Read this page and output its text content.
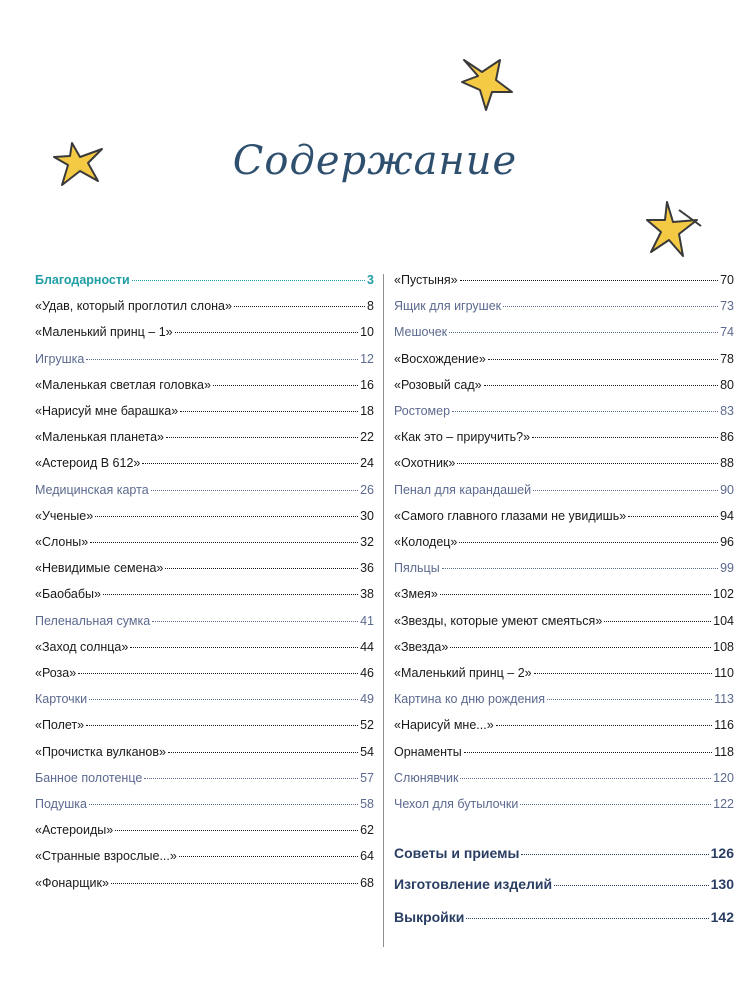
Содержание
Благодарности	3
«Удав, который проглотил слона»	8
«Маленький принц – 1»	10
Игрушка	12
«Маленькая светлая головка»	16
«Нарисуй мне барашка»	18
«Маленькая планета»	22
«Астероид В 612»	24
Медицинская карта	26
«Ученые»	30
«Слоны»	32
«Невидимые семена»	36
«Баобабы»	38
Пеленальная сумка	41
«Заход солнца»	44
«Роза»	46
Карточки	49
«Полет»	52
«Прочистка вулканов»	54
Банное полотенце	57
Подушка	58
«Астероиды»	62
«Странные взрослые...»	64
«Фонарщик»	68
«Пустыня»	70
Ящик для игрушек	73
Мешочек	74
«Восхождение»	78
«Розовый сад»	80
Ростомер	83
«Как это – приручить?»	86
«Охотник»	88
Пенал для карандашей	90
«Самого главного глазами не увидишь»	94
«Колодец»	96
Пяльцы	99
«Змея»	102
«Звезды, которые умеют смеяться»	104
«Звезда»	108
«Маленький принц – 2»	110
Картина ко дню рождения	113
«Нарисуй мне...»	116
Орнаменты	118
Слюнявчик	120
Чехол для бутылочки	122
Советы и приемы	126
Изготовление изделий	130
Выкройки	142
